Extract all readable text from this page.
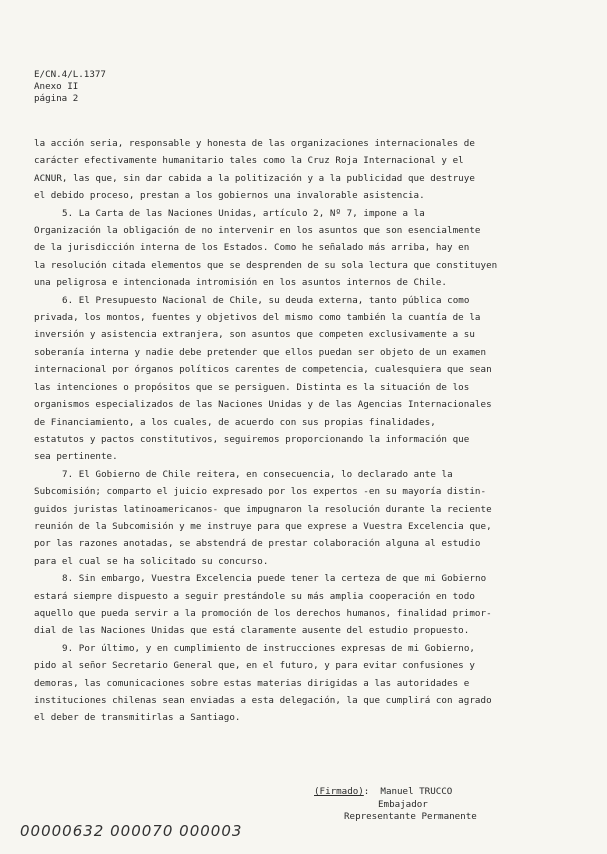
E/CN.4/L.1377
Anexo II
página 2
la acción seria, responsable y honesta de las organizaciones internacionales de
carácter efectivamente humanitario tales como la Cruz Roja Internacional y el
ACNUR, las que, sin dar cabida a la politización y a la publicidad que destruye
el debido proceso, prestan a los gobiernos una invalorable asistencia.
5. La Carta de las Naciones Unidas, artículo 2, Nº 7, impone a la
Organización la obligación de no intervenir en los asuntos que son esencialmente
de la jurisdicción interna de los Estados. Como he señalado más arriba, hay en
la resolución citada elementos que se desprenden de su sola lectura que constituyen
una peligrosa e intencionada intromisión en los asuntos internos de Chile.
6. El Presupuesto Nacional de Chile, su deuda externa, tanto pública como
privada, los montos, fuentes y objetivos del mismo como también la cuantía de la
inversión y asistencia extranjera, son asuntos que competen exclusivamente a su
soberanía interna y nadie debe pretender que ellos puedan ser objeto de un examen
internacional por órganos políticos carentes de competencia, cualesquiera que sean
las intenciones o propósitos que se persiguen. Distinta es la situación de los
organismos especializados de las Naciones Unidas y de las Agencias Internacionales
de Financiamiento, a los cuales, de acuerdo con sus propias finalidades,
estatutos y pactos constitutivos, seguiremos proporcionando la información que
sea pertinente.
7. El Gobierno de Chile reitera, en consecuencia, lo declarado ante la
Subcomisión; comparto el juicio expresado por los expertos -en su mayoría distin-
guidos juristas latinoamericanos- que impugnaron la resolución durante la reciente
reunión de la Subcomisión y me instruye para que exprese a Vuestra Excelencia que,
por las razones anotadas, se abstendrá de prestar colaboración alguna al estudio
para el cual se ha solicitado su concurso.
8. Sin embargo, Vuestra Excelencia puede tener la certeza de que mi Gobierno
estará siempre dispuesto a seguir prestándole su más amplia cooperación en todo
aquello que pueda servir a la promoción de los derechos humanos, finalidad primor-
dial de las Naciones Unidas que está claramente ausente del estudio propuesto.
9. Por último, y en cumplimiento de instrucciones expresas de mi Gobierno,
pido al señor Secretario General que, en el futuro, y para evitar confusiones y
demoras, las comunicaciones sobre estas materias dirigidas a las autoridades e
instituciones chilenas sean enviadas a esta delegación, la que cumplirá con agrado
el deber de transmitirlas a Santiago.
(Firmado): Manuel TRUCCO
Embajador
Representante Permanente
00000632 000070 000003
